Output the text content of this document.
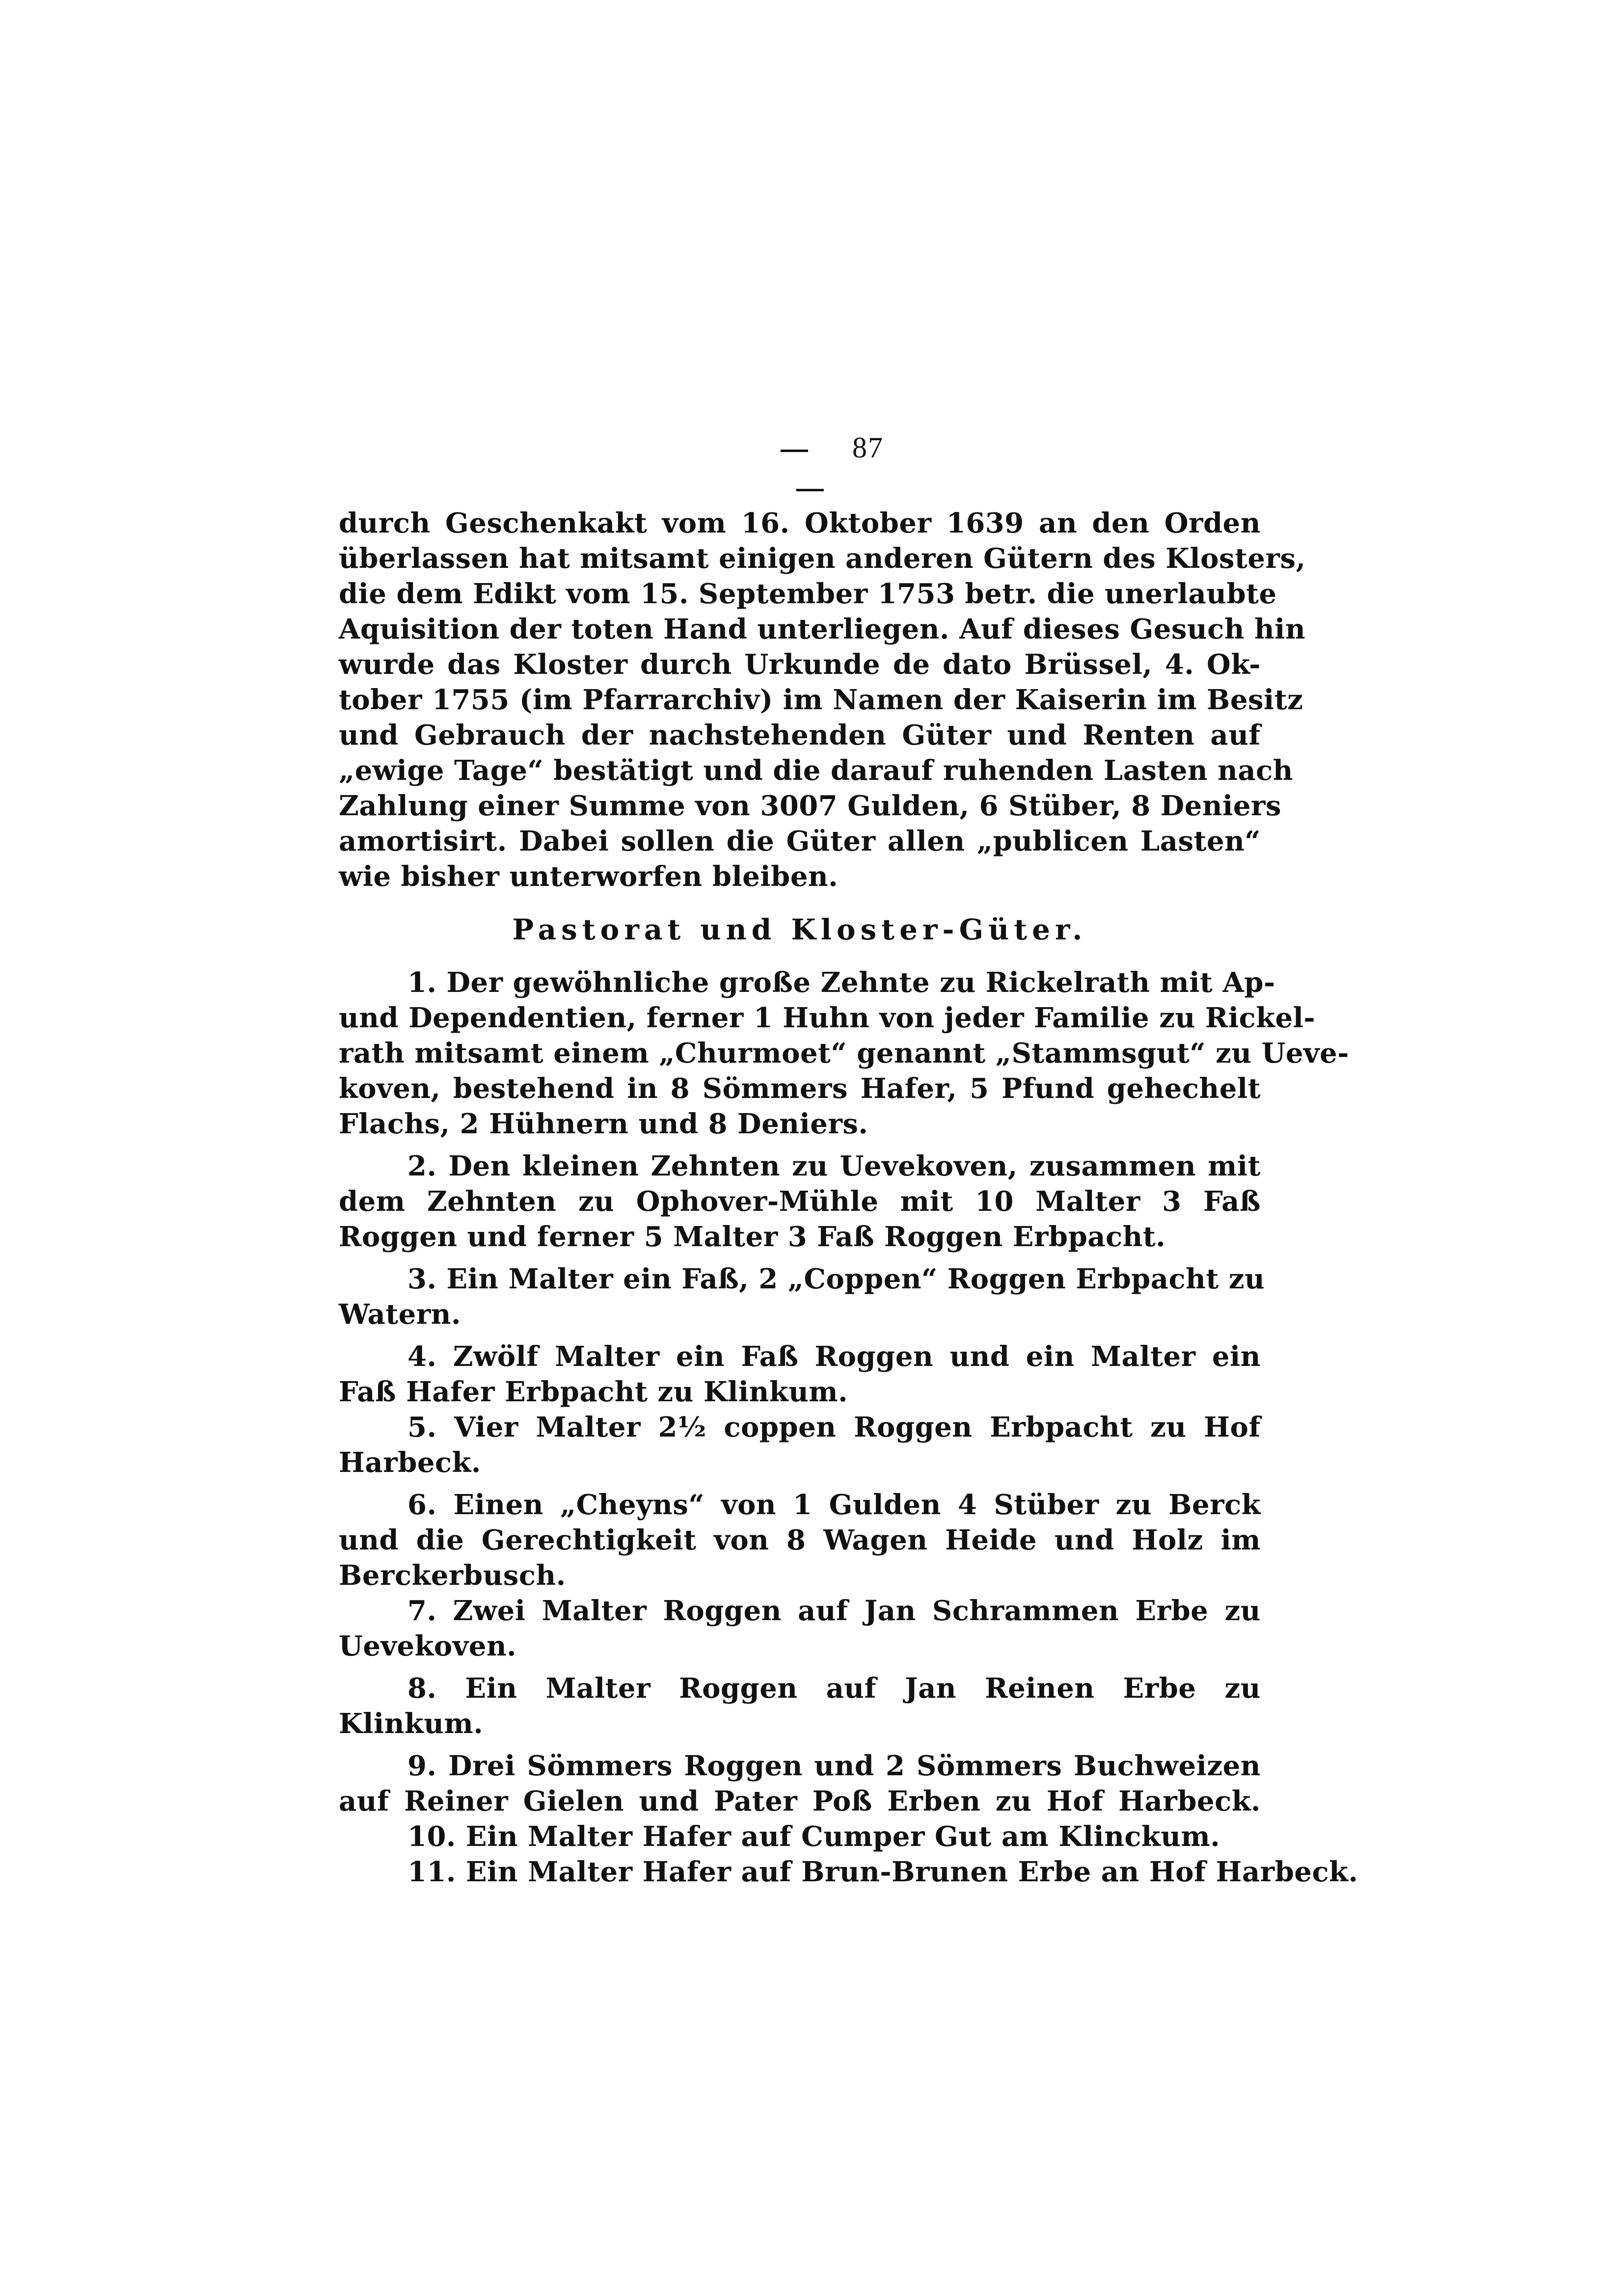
87
durch Geschenkakt vom 16. Oktober 1639 an den Orden
überlassen hat mitsamt einigen anderen Gütern des Klosters,
die dem Edikt vom 15. September 1753 betr. die unerlaubte
Aquisition der toten Hand unterliegen. Auf dieses Gesuch hin
wurde das Kloster durch Urkunde de dato Brüssel, 4. Ok-
tober 1755 (im Pfarrarchiv) im Namen der Kaiserin im Besitz
und Gebrauch der nachstehenden Güter und Renten auf
„ewige Tage“ bestätigt und die darauf ruhenden Lasten nach
Zahlung einer Summe von 3007 Gulden, 6 Stüber, 8 Deniers
amortisirt. Dabei sollen die Güter allen „publicen Lasten“
wie bisher unterworfen bleiben.
Pastorat und Kloster-Güter.
1. Der gewöhnliche große Zehnte zu Rickelrath mit Ap-
und Dependentien, ferner 1 Huhn von jeder Familie zu Rickel-
rath mitsamt einem „Churmoet“ genannt „Stammsgut“ zu Ueve-
koven, bestehend in 8 Sömmers Hafer, 5 Pfund gehechelt
Flachs, 2 Hühnern und 8 Deniers.
2. Den kleinen Zehnten zu Uevekoven, zusammen mit
dem Zehnten zu Ophover-Mühle mit 10 Malter 3 Faß
Roggen und ferner 5 Malter 3 Faß Roggen Erbpacht.
3. Ein Malter ein Faß, 2 „Coppen“ Roggen Erbpacht zu
Watern.
4. Zwölf Malter ein Faß Roggen und ein Malter ein
Faß Hafer Erbpacht zu Klinkum.
5. Vier Malter 2½ coppen Roggen Erbpacht zu Hof
Harbeck.
6. Einen „Cheyns“ von 1 Gulden 4 Stüber zu Berck
und die Gerechtigkeit von 8 Wagen Heide und Holz im
Berckerbusch.
7. Zwei Malter Roggen auf Jan Schrammen Erbe zu
Uevekoven.
8. Ein Malter Roggen auf Jan Reinen Erbe zu
Klinkum.
9. Drei Sömmers Roggen und 2 Sömmers Buchweizen
auf Reiner Gielen und Pater Poß Erben zu Hof Harbeck.
10. Ein Malter Hafer auf Cumper Gut am Klinckum.
11. Ein Malter Hafer auf Brun-Brunen Erbe an Hof Harbeck.
